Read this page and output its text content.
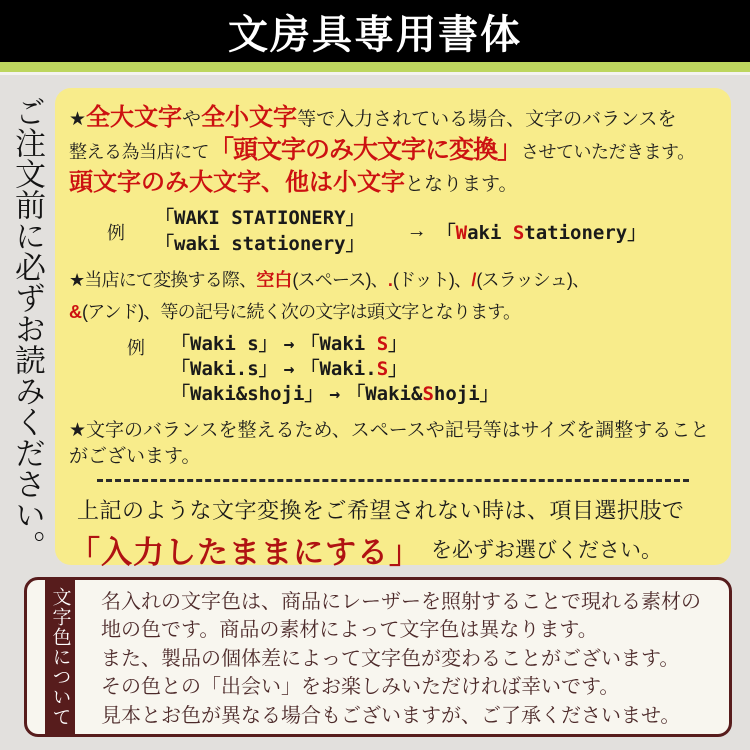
文房具専用書体
ご注文前に必ずお読みください。 ★全大文字や全小文字等で入力されている場合、文字のバランスを
整える為当店にて「頭文字のみ大文字に変換」させていただきます。
頭文字のみ大文字、他は小文字となります。
例
「WAKI STATIONERY」
「waki stationery」
→ 「Waki Stationery」
★当店にて変換する際、空白(スペース)、.(ドット)、/(スラッシュ)、
&(アンド)、等の記号に続く次の文字は頭文字となります。
例 「Waki s」 → 「Waki S」
「Waki.s」 → 「Waki.S」
「Waki&shoji」 → 「Waki&Shoji」
★文字のバランスを整えるため、スペースや記号等はサイズを調整することがございます。
上記のような文字変換をご希望されない時は、項目選択肢で
「入力したままにする」 を必ずお選びください。
文字色について 名入れの文字色は、商品にレーザーを照射することで現れる素材の
地の色です。商品の素材によって文字色は異なります。
また、製品の個体差によって文字色が変わることがございます。
その色との「出会い」をお楽しみいただければ幸いです。
見本とお色が異なる場合もございますが、ご了承くださいませ。
